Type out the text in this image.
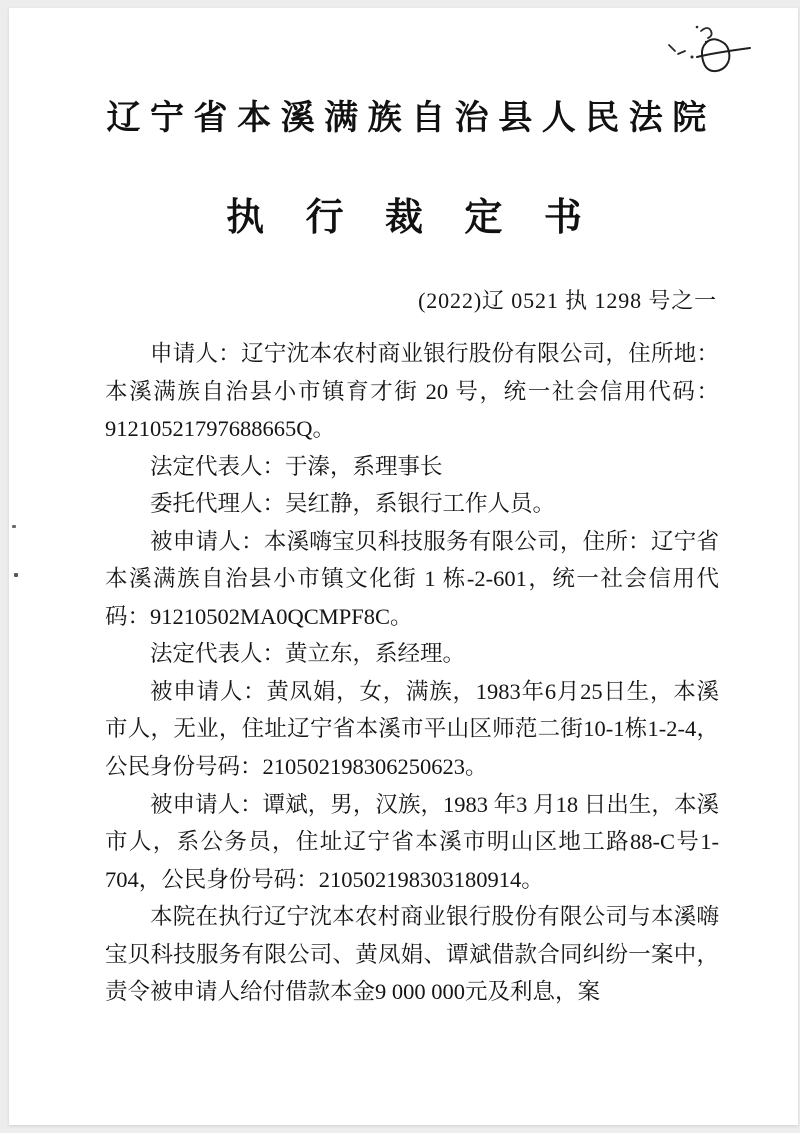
辽宁省本溪满族自治县人民法院
执 行 裁 定 书
(2022)辽 0521 执 1298 号之一

申请人：辽宁沈本农村商业银行股份有限公司，住所地：本溪满族自治县小市镇育才街 20 号，统一社会信用代码：91210521797688665Q。

法定代表人：于溱，系理事长

委托代理人：吴红静，系银行工作人员。

被申请人：本溪嗨宝贝科技服务有限公司，住所：辽宁省本溪满族自治县小市镇文化街 1 栋-2-601，统一社会信用代码：91210502MA0QCMPF8C。

法定代表人：黄立东，系经理。

被申请人：黄凤娟，女，满族，1983年6月25日生，本溪市人，无业，住址辽宁省本溪市平山区师范二街10-1栋1-2-4，公民身份号码：210502198306250623。

被申请人：谭斌，男，汉族，1983 年3 月18 日出生，本溪市人，系公务员，住址辽宁省本溪市明山区地工路88-C号1-704，公民身份号码：210502198303180914。

本院在执行辽宁沈本农村商业银行股份有限公司与本溪嗨宝贝科技服务有限公司、黄凤娟、谭斌借款合同纠纷一案中，责令被申请人给付借款本金9 000 000元及利息，案
